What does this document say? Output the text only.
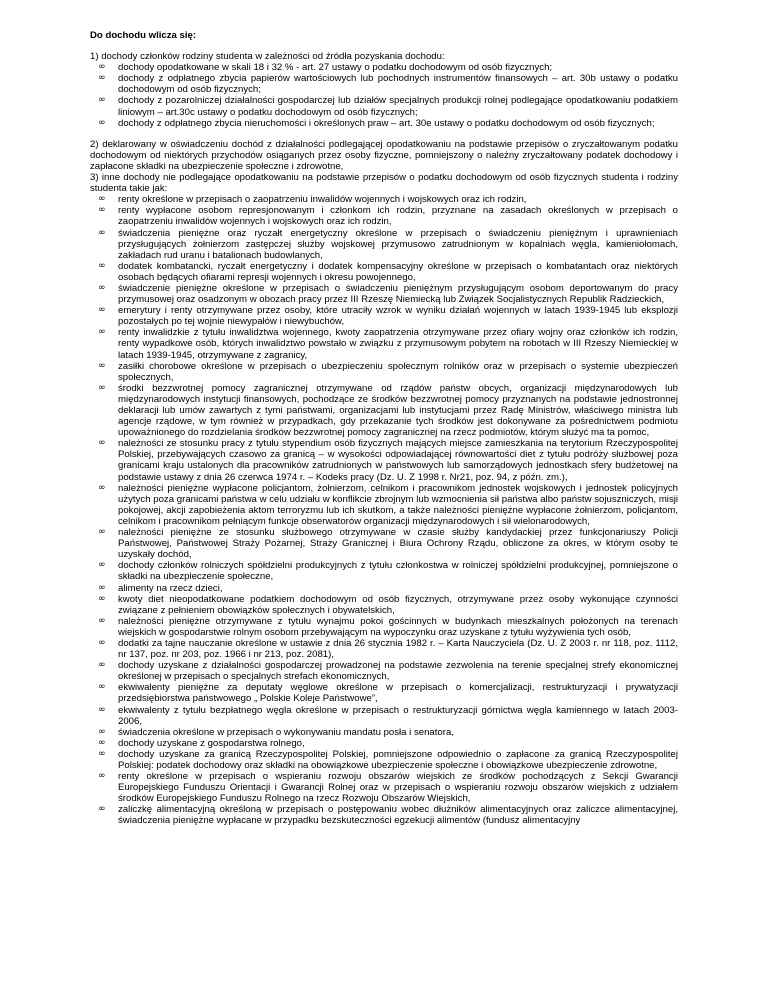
Do dochodu wlicza się:

1) dochody członków rodziny studenta w zależności od źródła pozyskania dochodu:

∞ dochody opodatkowane w skali 18 i 32 % - art. 27 ustawy o podatku dochodowym od osób fizycznych;
∞ dochody z odpłatnego zbycia papierów wartościowych lub pochodnych instrumentów finansowych – art. 30b ustawy o podatku dochodowym od osób fizycznych;
∞ dochody z pozarolniczej działalności gospodarczej lub działów specjalnych produkcji rolnej podlegające opodatkowaniu podatkiem liniowym – art.30c ustawy o podatku dochodowym od osób fizycznych;
∞ dochody z odpłatnego zbycia nieruchomości i określonych praw – art. 30e ustawy o podatku dochodowym od osób fizycznych;

2) deklarowany w oświadczeniu dochód z działalności podlegającej opodatkowaniu na podstawie przepisów o zryczałtowanym podatku dochodowym od niektórych przychodów osiąganych przez osoby fizyczne, pomniejszony o należny zryczałtowany podatek dochodowy i zapłacone składki na ubezpieczenie społeczne i zdrowotne,

3) inne dochody nie podlegające opodatkowaniu na podstawie przepisów o podatku dochodowym od osób fizycznych studenta i rodziny studenta takie jak:

∞ renty określone w przepisach o zaopatrzeniu inwalidów wojennych i wojskowych oraz ich rodzin,
∞ renty wypłacone osobom represjonowanym i członkom ich rodzin, przyznane na zasadach określonych w przepisach o zaopatrzeniu inwalidów wojennych i wojskowych oraz ich rodzin,
∞ świadczenia pieniężne oraz ryczałt energetyczny określone w przepisach o świadczeniu pieniężnym i uprawnieniach przysługujących żołnierzom zastępczej służby wojskowej przymusowo zatrudnionym w kopalniach węgla, kamieniołomach, zakładach rud uranu i batalionach budowlanych,
∞ dodatek kombatancki, ryczałt energetyczny i dodatek kompensacyjny określone w przepisach o kombatantach oraz niektórych osobach będących ofiarami represji wojennych i okresu powojennego,
∞ świadczenie pieniężne określone w przepisach o świadczeniu pieniężnym przysługującym osobom deportowanym do pracy przymusowej oraz osadzonym w obozach pracy przez III Rzeszę Niemiecką lub Związek Socjalistycznych Republik Radzieckich,
∞ emerytury i renty otrzymywane przez osoby, które utraciły wzrok w wyniku działań wojennych w latach 1939-1945 lub eksplozji pozostałych po tej wojnie niewypałów i niewybuchów,
∞ renty inwalidzkie z tytułu inwalidztwa wojennego, kwoty zaopatrzenia otrzymywane przez ofiary wojny oraz członków ich rodzin, renty wypadkowe osób, których inwalidztwo powstało w związku z przymusowym pobytem na robotach w III Rzeszy Niemieckiej w latach 1939-1945, otrzymywane z zagranicy,
∞ zasiłki chorobowe określone w przepisach o ubezpieczeniu społecznym rolników oraz w przepisach o systemie ubezpieczeń społecznych,
∞ środki bezzwrotnej pomocy zagranicznej otrzymywane od rządów państw obcych, organizacji międzynarodowych lub międzynarodowych instytucji finansowych, pochodzące ze środków bezzwrotnej pomocy przyznanych na podstawie jednostronnej deklaracji lub umów zawartych z tymi państwami, organizacjami lub instytucjami przez Radę Ministrów, właściwego ministra lub agencje rządowe, w tym również w przypadkach, gdy przekazanie tych środków jest dokonywane za pośrednictwem podmiotu upoważnionego do rozdzielania środków bezzwrotnej pomocy zagranicznej na rzecz podmiotów, którym służyć ma ta pomoc,
∞ należności ze stosunku pracy z tytułu stypendium osób fizycznych mających miejsce zamieszkania na terytorium Rzeczypospolitej Polskiej, przebywających czasowo za granicą – w wysokości odpowiadającej równowartości diet z tytułu podróży służbowej poza granicami kraju ustalonych dla pracowników zatrudnionych w państwowych lub samorządowych jednostkach sfery budżetowej na podstawie ustawy z dnia 26 czerwca 1974 r. – Kodeks pracy (Dz. U. Z 1998 r. Nr21, poz. 94, z późn. zm.),
∞ należności pieniężne wypłacone policjantom, żołnierzom, celnikom i pracownikom jednostek wojskowych i jednostek policyjnych użytych poza granicami państwa w celu udziału w konflikcie zbrojnym lub wzmocnienia sił państwa albo państw sojuszniczych, misji pokojowej, akcji zapobieżenia aktom terroryzmu lub ich skutkom, a także należności pieniężne wypłacone żołnierzom, policjantom, celnikom i pracownikom pełniącym funkcje obserwatorów organizacji międzynarodowych i sił wielonarodowych,
∞ należności pieniężne ze stosunku służbowego otrzymywane w czasie służby kandydackiej przez funkcjonariuszy Policji Państwowej, Państwowej Straży Pożarnej, Straży Granicznej i Biura Ochrony Rządu, obliczone za okres, w którym osoby te uzyskały dochód,
∞ dochody członków rolniczych spółdzielni produkcyjnych z tytułu członkostwa w rolniczej spółdzielni produkcyjnej, pomniejszone o składki na ubezpieczenie społeczne,
∞ alimenty na rzecz dzieci,
∞ kwoty diet nieopodatkowane podatkiem dochodowym od osób fizycznych, otrzymywane przez osoby wykonujące czynności związane z pełnieniem obowiązków społecznych i obywatelskich,
∞ należności pieniężne otrzymywane z tytułu wynajmu pokoi gościnnych w budynkach mieszkalnych położonych na terenach wiejskich w gospodarstwie rolnym osobom przebywającym na wypoczynku oraz uzyskane z tytułu wyżywienia tych osób,
∞ dodatki za tajne nauczanie określone w ustawie z dnia 26 stycznia 1982 r. – Karta Nauczyciela (Dz. U. Z 2003 r. nr 118, poz. 1112, nr 137, poz. nr 203, poz. 1966 i nr 213, poz. 2081),
∞ dochody uzyskane z działalności gospodarczej prowadzonej na podstawie zezwolenia na terenie specjalnej strefy ekonomicznej określonej w przepisach o specjalnych strefach ekonomicznych,
∞ ekwiwalenty pieniężne za deputaty węglowe określone w przepisach o komercjalizacji, restrukturyzacji i prywatyzacji przedsiębiorstwa państwowego „ Polskie Koleje Państwowe”,
∞ ekwiwalenty z tytułu bezpłatnego węgla określone w przepisach o restrukturyzacji górnictwa węgla kamiennego w latach 2003-2006,
∞ świadczenia określone w przepisach o wykonywaniu mandatu posła i senatora,
∞ dochody uzyskane z gospodarstwa rolnego,
∞ dochody uzyskane za granicą Rzeczypospolitej Polskiej, pomniejszone odpowiednio o zapłacone za granicą Rzeczypospolitej Polskiej: podatek dochodowy oraz składki na obowiązkowe ubezpieczenie społeczne i obowiązkowe ubezpieczenie zdrowotne,
∞ renty określone w przepisach o wspieraniu rozwoju obszarów wiejskich ze środków pochodzących z Sekcji Gwarancji Europejskiego Funduszu Orientacji i Gwarancji Rolnej oraz w przepisach o wspieraniu rozwoju obszarów wiejskich z udziałem środków Europejskiego Funduszu Rolnego na rzecz Rozwoju Obszarów Wiejskich,
∞ zaliczkę alimentacyjną określoną w przepisach o postępowaniu wobec dłużników alimentacyjnych oraz zaliczce alimentacyjnej, świadczenia pieniężne wypłacane w przypadku bezskuteczności egzekucji alimentów (fundusz alimentacyjny
